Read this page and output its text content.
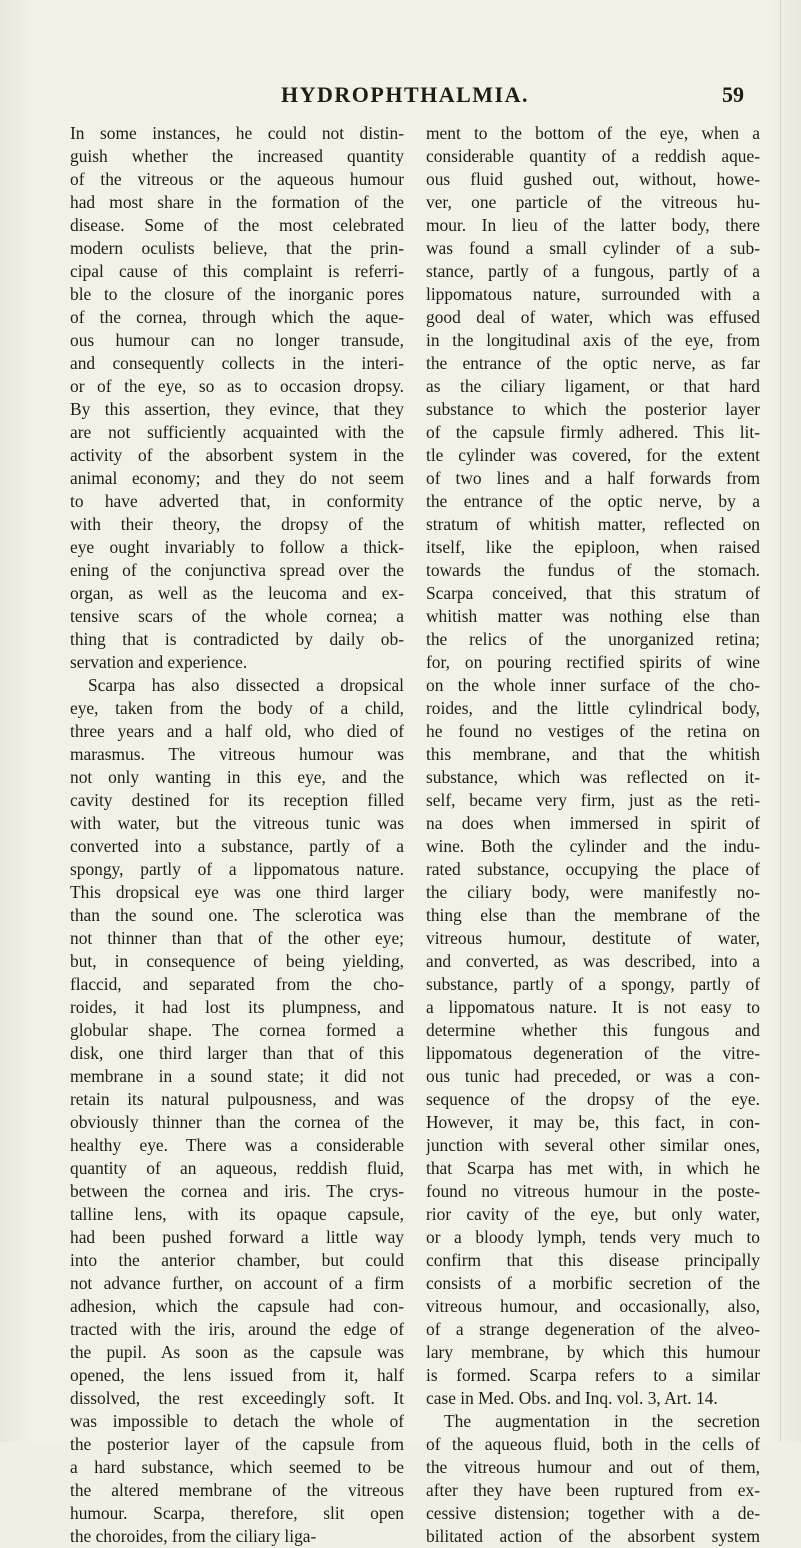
HYDROPHTHALMIA.	59
In some instances, he could not distin-
guish whether the increased quantity
of the vitreous or the aqueous humour
had most share in the formation of the
disease. Some of the most celebrated
modern oculists believe, that the prin-
cipal cause of this complaint is referri-
ble to the closure of the inorganic pores
of the cornea, through which the aque-
ous humour can no longer transude,
and consequently collects in the interi-
or of the eye, so as to occasion dropsy.
By this assertion, they evince, that they
are not sufficiently acquainted with the
activity of the absorbent system in the
animal economy; and they do not seem
to have adverted that, in conformity
with their theory, the dropsy of the
eye ought invariably to follow a thick-
ening of the conjunctiva spread over the
organ, as well as the leucoma and ex-
tensive scars of the whole cornea; a
thing that is contradicted by daily ob-
servation and experience.
Scarpa has also dissected a dropsical
eye, taken from the body of a child,
three years and a half old, who died of
marasmus. The vitreous humour was
not only wanting in this eye, and the
cavity destined for its reception filled
with water, but the vitreous tunic was
converted into a substance, partly of a
spongy, partly of a lippomatous nature.
This dropsical eye was one third larger
than the sound one. The sclerotica was
not thinner than that of the other eye;
but, in consequence of being yielding,
flaccid, and separated from the cho-
roides, it had lost its plumpness, and
globular shape. The cornea formed a
disk, one third larger than that of this
membrane in a sound state; it did not
retain its natural pulpousness, and was
obviously thinner than the cornea of the
healthy eye. There was a considerable
quantity of an aqueous, reddish fluid,
between the cornea and iris. The crys-
talline lens, with its opaque capsule,
had been pushed forward a little way
into the anterior chamber, but could
not advance further, on account of a firm
adhesion, which the capsule had con-
tracted with the iris, around the edge of
the pupil. As soon as the capsule was
opened, the lens issued from it, half
dissolved, the rest exceedingly soft. It
was impossible to detach the whole of
the posterior layer of the capsule from
a hard substance, which seemed to be
the altered membrane of the vitreous
humour. Scarpa, therefore, slit open
the choroides, from the ciliary liga-
ment to the bottom of the eye, when a
considerable quantity of a reddish aque-
ous fluid gushed out, without, howe-
ver, one particle of the vitreous hu-
mour. In lieu of the latter body, there
was found a small cylinder of a sub-
stance, partly of a fungous, partly of a
lippomatous nature, surrounded with a
good deal of water, which was effused
in the longitudinal axis of the eye, from
the entrance of the optic nerve, as far
as the ciliary ligament, or that hard
substance to which the posterior layer
of the capsule firmly adhered. This lit-
tle cylinder was covered, for the extent
of two lines and a half forwards from
the entrance of the optic nerve, by a
stratum of whitish matter, reflected on
itself, like the epiploon, when raised
towards the fundus of the stomach.
Scarpa conceived, that this stratum of
whitish matter was nothing else than
the relics of the unorganized retina;
for, on pouring rectified spirits of wine
on the whole inner surface of the cho-
roides, and the little cylindrical body,
he found no vestiges of the retina on
this membrane, and that the whitish
substance, which was reflected on it-
self, became very firm, just as the reti-
na does when immersed in spirit of
wine. Both the cylinder and the indu-
rated substance, occupying the place of
the ciliary body, were manifestly no-
thing else than the membrane of the
vitreous humour, destitute of water,
and converted, as was described, into a
substance, partly of a spongy, partly of
a lippomatous nature. It is not easy to
determine whether this fungous and
lippomatous degeneration of the vitre-
ous tunic had preceded, or was a con-
sequence of the dropsy of the eye.
However, it may be, this fact, in con-
junction with several other similar ones,
that Scarpa has met with, in which he
found no vitreous humour in the poste-
rior cavity of the eye, but only water,
or a bloody lymph, tends very much to
confirm that this disease principally
consists of a morbific secretion of the
vitreous humour, and occasionally, also,
of a strange degeneration of the alveo-
lary membrane, by which this humour
is formed. Scarpa refers to a similar
case in Med. Obs. and Inq. vol. 3, Art. 14.
The augmentation in the secretion
of the aqueous fluid, both in the cells of
the vitreous humour and out of them,
after they have been ruptured from ex-
cessive distension; together with a de-
bilitated action of the absorbent system
